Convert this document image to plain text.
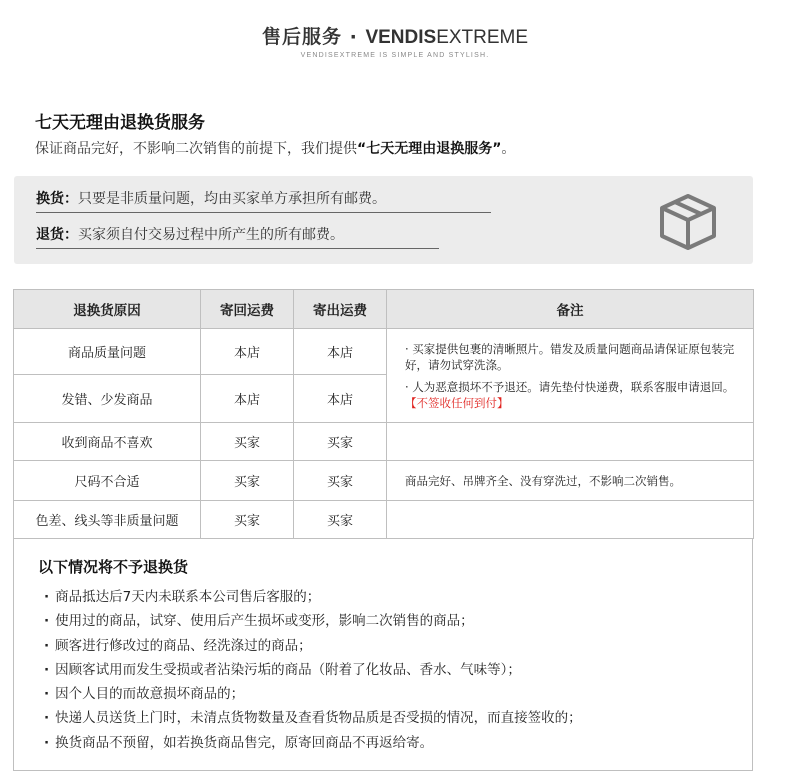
售后服务 · VENDISEXTREME
VENDISEXTREME IS SIMPLE AND STYLISH.
七天无理由退换货服务
保证商品完好，不影响二次销售的前提下，我们提供“七天无理由退换服务”。
换货：只要是非质量问题，均由买家单方承担所有邮费。
退货：买家须自付交易过程中所产生的所有邮费。
退换货原因	寄回运费	寄出运费	备注
商品质量问题	本店	本店	· 买家提供包裹的清晰照片。错发及质量问题商品请保证原包装完好，请勿试穿洗涤。
· 人为恶意损坏不予退还。请先垫付快递费，联系客服申请退回。【不签收任何到付】

发错、少发商品	本店	本店	
收到商品不喜欢	买家	买家	
尺码不合适	买家	买家	商品完好、吊牌齐全、没有穿洗过，不影响二次销售。
色差、线头等非质量问题	买家	买家	
以下情况将不予退换货
· 商品抵达后7天内未联系本公司售后客服的；
· 使用过的商品，试穿、使用后产生损坏或变形，影响二次销售的商品；
· 顾客进行修改过的商品、经洗涤过的商品；
· 因顾客试用而发生受损或者沾染污垢的商品（附着了化妆品、香水、气味等）；
· 因个人目的而故意损坏商品的；
· 快递人员送货上门时，未清点货物数量及查看货物品质是否受损的情况，而直接签收的；
· 换货商品不预留，如若换货商品售完，原寄回商品不再返给寄。
